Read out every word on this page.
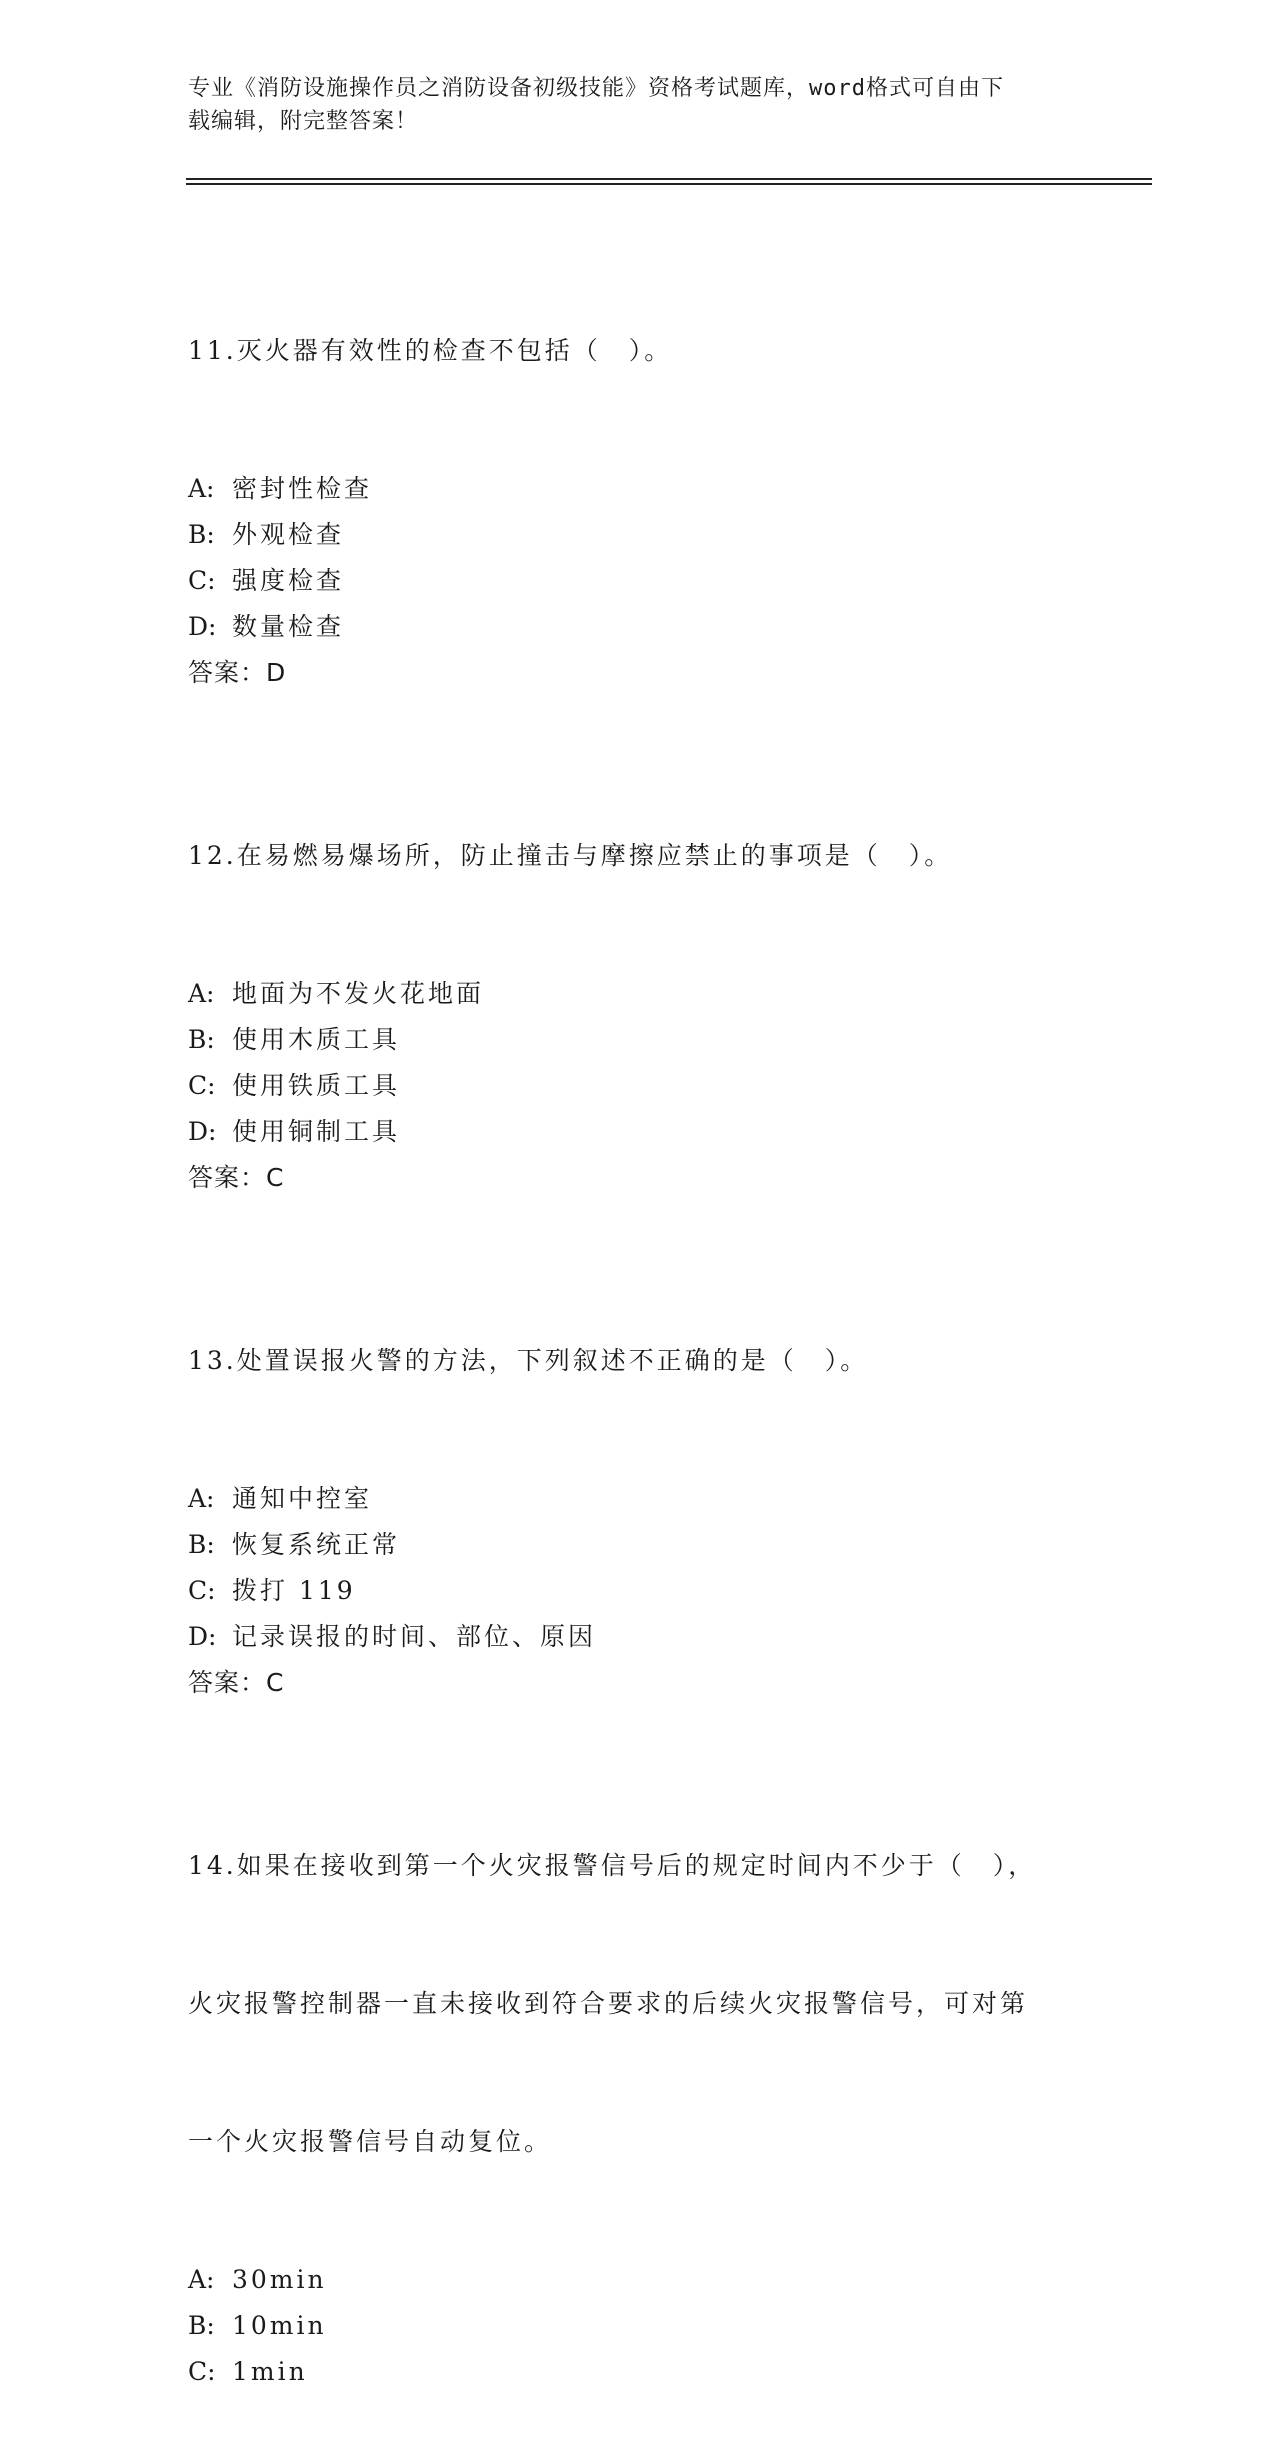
专业《消防设施操作员之消防设备初级技能》资格考试题库，word格式可自由下
载编辑，附完整答案！

11.灭火器有效性的检查不包括（　）。

A: 密封性检查
B: 外观检查
C: 强度检查
D: 数量检查
答案：D

12.在易燃易爆场所，防止撞击与摩擦应禁止的事项是（　）。

A: 地面为不发火花地面
B: 使用木质工具
C: 使用铁质工具
D: 使用铜制工具
答案：C

13.处置误报火警的方法，下列叙述不正确的是（　）。

A: 通知中控室
B: 恢复系统正常
C: 拨打 119
D: 记录误报的时间、部位、原因
答案：C

14.如果在接收到第一个火灾报警信号后的规定时间内不少于（　），

火灾报警控制器一直未接收到符合要求的后续火灾报警信号，可对第

一个火灾报警信号自动复位。

A: 30min
B: 10min
C: 1min
